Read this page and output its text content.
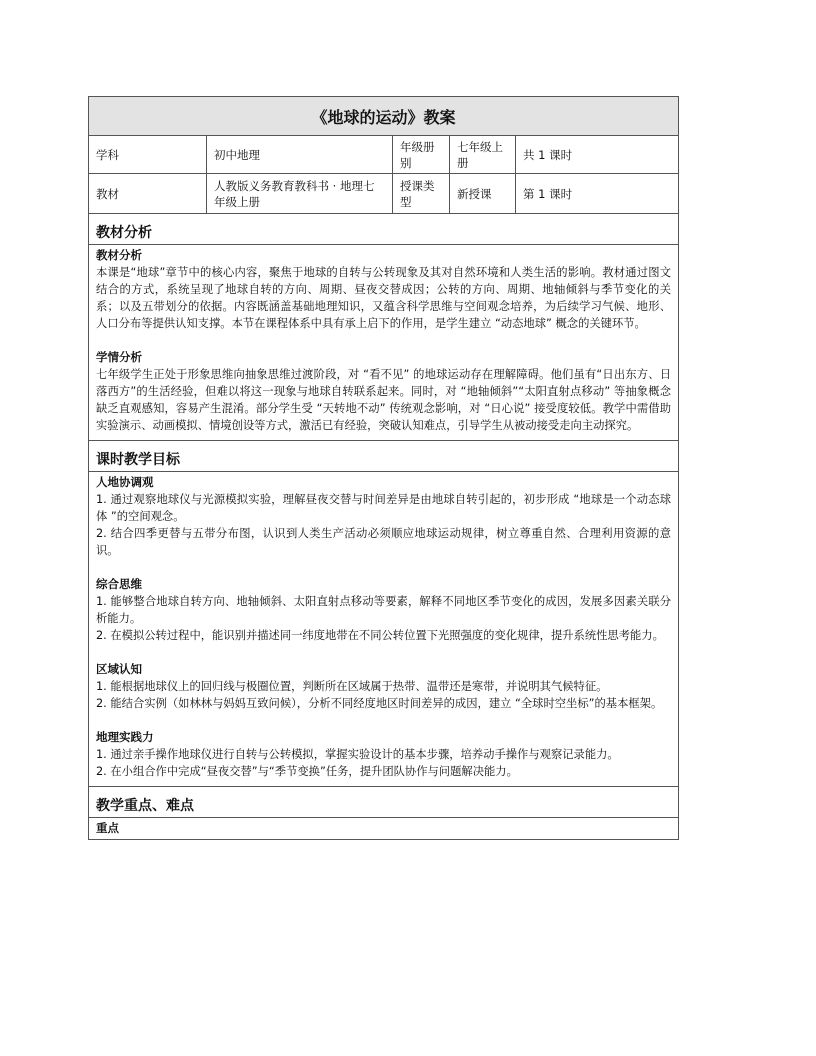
《地球的运动》教案
学科	初中地理
年级册别
七年级上册
共 1 课时
教材
人教版义务教育教科书 · 地理七年级上册
授课类型
新授课	第 1 课时
教材分析
教材分析

本课是“地球”章节中的核心内容，聚焦于地球的自转与公转现象及其对自然环境和人类生活的影响。教材通过图文结合的方式，系统呈现了地球自转的方向、周期、昼夜交替成因；公转的方向、周期、地轴倾斜与季节变化的关系；以及五带划分的依据。内容既涵盖基础地理知识，又蕴含科学思维与空间观念培养，为后续学习气候、地形、人口分布等提供认知支撑。本节在课程体系中具有承上启下的作用，是学生建立 “动态地球” 概念的关键环节。

学情分析

七年级学生正处于形象思维向抽象思维过渡阶段，对 “看不见” 的地球运动存在理解障碍。他们虽有“日出东方、日落西方”的生活经验，但难以将这一现象与地球自转联系起来。同时，对 “地轴倾斜”“太阳直射点移动” 等抽象概念缺乏直观感知，容易产生混淆。部分学生受 “天转地不动” 传统观念影响，对 “日心说” 接受度较低。教学中需借助实验演示、动画模拟、情境创设等方式，激活已有经验，突破认知难点，引导学生从被动接受走向主动探究。

课时教学目标
人地协调观

1. 通过观察地球仪与光源模拟实验，理解昼夜交替与时间差异是由地球自转引起的，初步形成 “地球是一个动态球体 ”的空间观念。

2. 结合四季更替与五带分布图，认识到人类生产活动必须顺应地球运动规律，树立尊重自然、合理利用资源的意识。

综合思维

1. 能够整合地球自转方向、地轴倾斜、太阳直射点移动等要素，解释不同地区季节变化的成因，发展多因素关联分析能力。

2. 在模拟公转过程中，能识别并描述同一纬度地带在不同公转位置下光照强度的变化规律，提升系统性思考能力。

区域认知

1. 能根据地球仪上的回归线与极圈位置，判断所在区域属于热带、温带还是寒带，并说明其气候特征。

2. 能结合实例（如林林与妈妈互致问候），分析不同经度地区时间差异的成因，建立 “全球时空坐标”的基本框架。

地理实践力

1. 通过亲手操作地球仪进行自转与公转模拟，掌握实验设计的基本步骤，培养动手操作与观察记录能力。

2. 在小组合作中完成“昼夜交替”与“季节变换”任务，提升团队协作与问题解决能力。

教学重点、难点
重点
